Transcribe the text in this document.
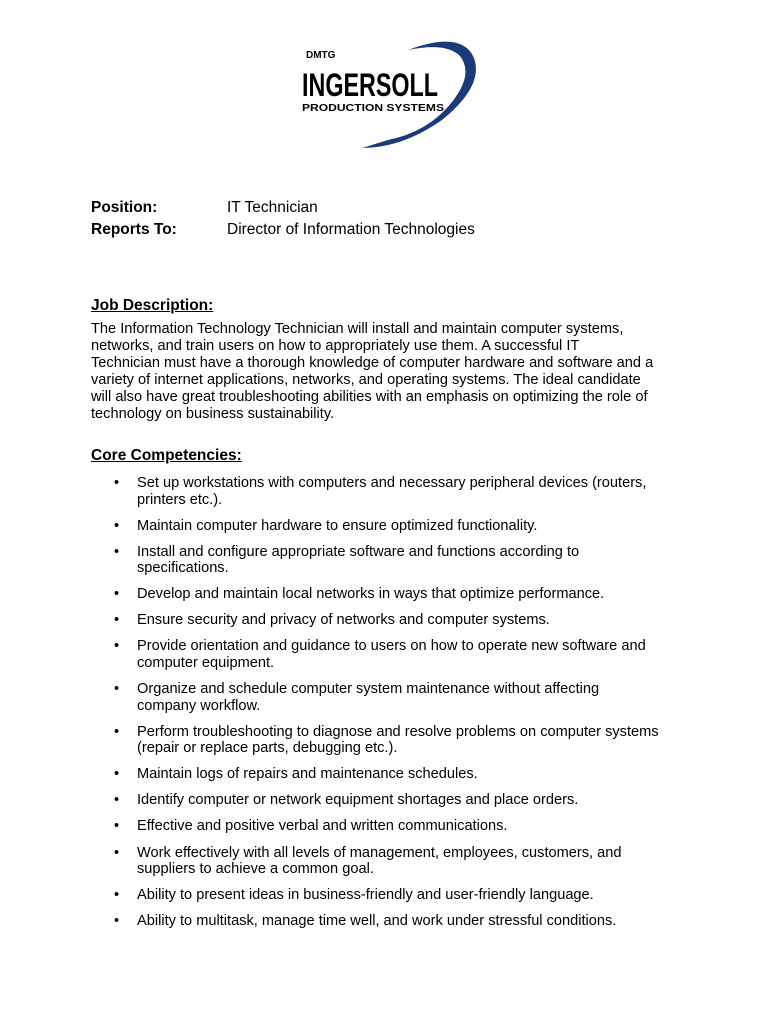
DMTG
INGERSOLL
PRODUCTION SYSTEMS
Position:	IT Technician
Reports To:	Director of Information Technologies
Job Description:
The Information Technology Technician will install and maintain computer systems,
networks, and train users on how to appropriately use them. A successful IT
Technician must have a thorough knowledge of computer hardware and software and a
variety of internet applications, networks, and operating systems. The ideal candidate
will also have great troubleshooting abilities with an emphasis on optimizing the role of
technology on business sustainability.
Core Competencies:
• Set up workstations with computers and necessary peripheral devices (routers,
printers etc.).
• Maintain computer hardware to ensure optimized functionality.
• Install and configure appropriate software and functions according to
specifications.
• Develop and maintain local networks in ways that optimize performance.
• Ensure security and privacy of networks and computer systems.
• Provide orientation and guidance to users on how to operate new software and
computer equipment.
• Organize and schedule computer system maintenance without affecting
company workflow.
• Perform troubleshooting to diagnose and resolve problems on computer systems
(repair or replace parts, debugging etc.).
• Maintain logs of repairs and maintenance schedules.
• Identify computer or network equipment shortages and place orders.
• Effective and positive verbal and written communications.
• Work effectively with all levels of management, employees, customers, and
suppliers to achieve a common goal.
• Ability to present ideas in business-friendly and user-friendly language.
• Ability to multitask, manage time well, and work under stressful conditions.
